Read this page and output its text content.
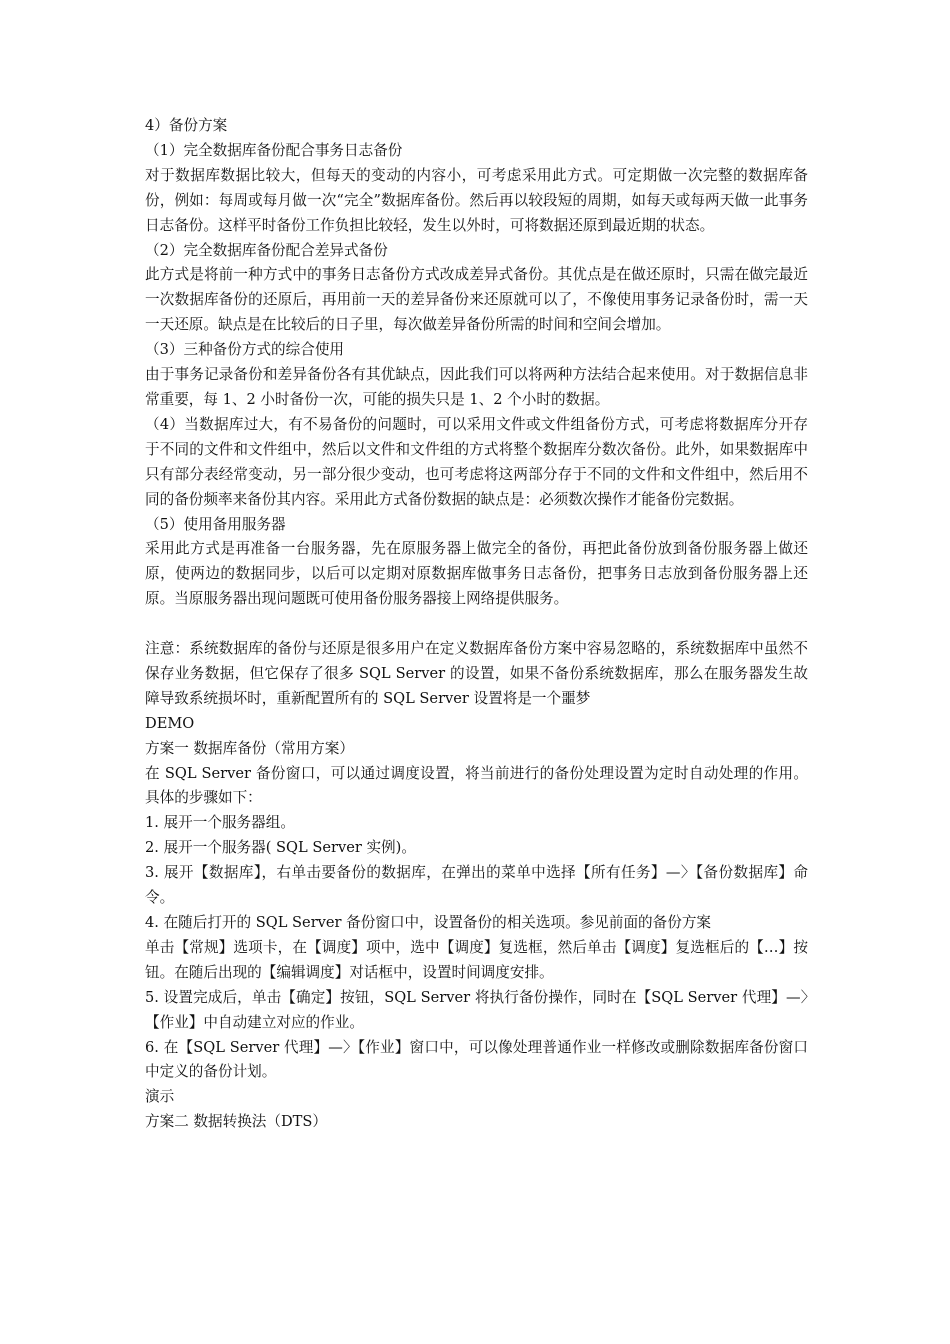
4）备份方案

（1）完全数据库备份配合事务日志备份

对于数据库数据比较大，但每天的变动的内容小，可考虑采用此方式。可定期做一次完整的数据库备份，例如：每周或每月做一次“完全”数据库备份。然后再以较段短的周期，如每天或每两天做一此事务日志备份。这样平时备份工作负担比较轻，发生以外时，可将数据还原到最近期的状态。

（2）完全数据库备份配合差异式备份

此方式是将前一种方式中的事务日志备份方式改成差异式备份。其优点是在做还原时，只需在做完最近一次数据库备份的还原后，再用前一天的差异备份来还原就可以了，不像使用事务记录备份时，需一天一天还原。缺点是在比较后的日子里，每次做差异备份所需的时间和空间会增加。

（3）三种备份方式的综合使用

由于事务记录备份和差异备份各有其优缺点，因此我们可以将两种方法结合起来使用。对于数据信息非常重要，每 1、2 小时备份一次，可能的损失只是 1、2 个小时的数据。

（4）当数据库过大，有不易备份的问题时，可以采用文件或文件组备份方式，可考虑将数据库分开存于不同的文件和文件组中，然后以文件和文件组的方式将整个数据库分数次备份。此外，如果数据库中只有部分表经常变动，另一部分很少变动，也可考虑将这两部分存于不同的文件和文件组中，然后用不同的备份频率来备份其内容。采用此方式备份数据的缺点是：必须数次操作才能备份完数据。

（5）使用备用服务器

采用此方式是再准备一台服务器，先在原服务器上做完全的备份，再把此备份放到备份服务器上做还原，使两边的数据同步，以后可以定期对原数据库做事务日志备份，把事务日志放到备份服务器上还原。当原服务器出现问题既可使用备份服务器接上网络提供服务。

注意：系统数据库的备份与还原是很多用户在定义数据库备份方案中容易忽略的，系统数据库中虽然不保存业务数据，但它保存了很多 SQL Server 的设置，如果不备份系统数据库，那么在服务器发生故障导致系统损坏时，重新配置所有的 SQL Server 设置将是一个噩梦

DEMO

方案一 数据库备份（常用方案）

在 SQL Server 备份窗口，可以通过调度设置，将当前进行的备份处理设置为定时自动处理的作用。具体的步骤如下：

1. 展开一个服务器组。

2. 展开一个服务器( SQL Server 实例)。

3. 展开【数据库】，右单击要备份的数据库，在弹出的菜单中选择【所有任务】—〉【备份数据库】命令。

4. 在随后打开的 SQL Server 备份窗口中，设置备份的相关选项。参见前面的备份方案

单击【常规】选项卡，在【调度】项中，选中【调度】复选框，然后单击【调度】复选框后的【…】按钮。在随后出现的【编辑调度】对话框中，设置时间调度安排。

5. 设置完成后，单击【确定】按钮，SQL Server 将执行备份操作，同时在【SQL Server 代理】—〉【作业】中自动建立对应的作业。

6. 在【SQL Server 代理】—〉【作业】窗口中，可以像处理普通作业一样修改或删除数据库备份窗口中定义的备份计划。

演示

方案二 数据转换法（DTS）
